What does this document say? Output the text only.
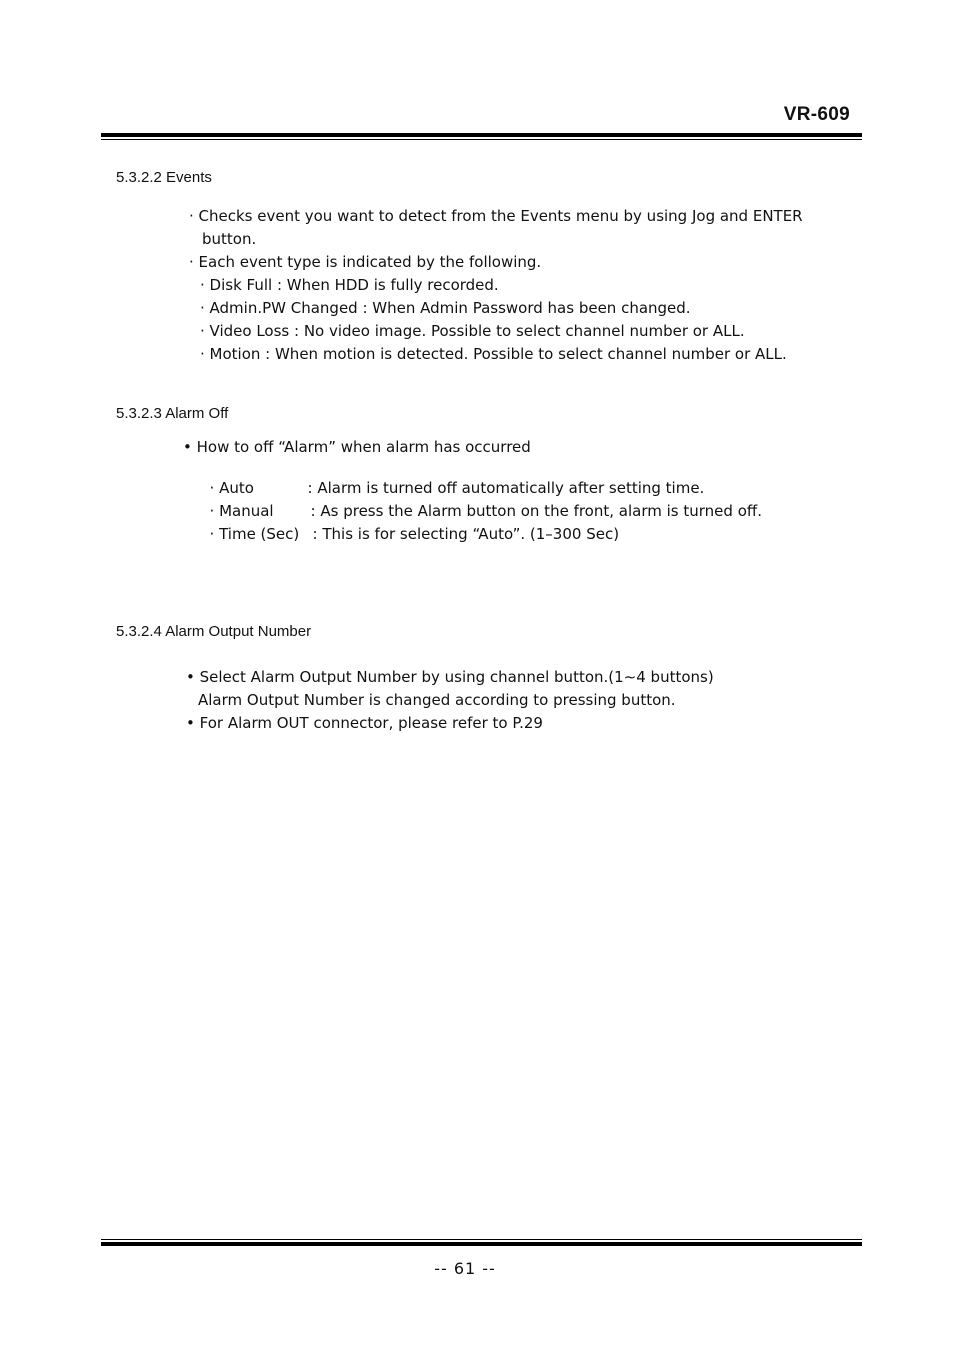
VR-609
5.3.2.2 Events
· Checks event you want to detect from the Events menu by using Jog and ENTER
button.
· Each event type is indicated by the following.
· Disk Full : When HDD is fully recorded.
· Admin.PW Changed : When Admin Password has been changed.
· Video Loss : No video image. Possible to select channel number or ALL.
· Motion : When motion is detected. Possible to select channel number or ALL.
5.3.2.3 Alarm Off
• How to off “Alarm” when alarm has occurred

· Auto	: Alarm is turned off automatically after setting time.

· Manual : As press the Alarm button on the front, alarm is turned off.

· Time (Sec) : This is for selecting “Auto”. (1–300 Sec)

5.3.2.4 Alarm Output Number
• Select Alarm Output Number by using channel button.(1∼4 buttons)
Alarm Output Number is changed according to pressing button.
• For Alarm OUT connector, please refer to P.29
-- 61 --
